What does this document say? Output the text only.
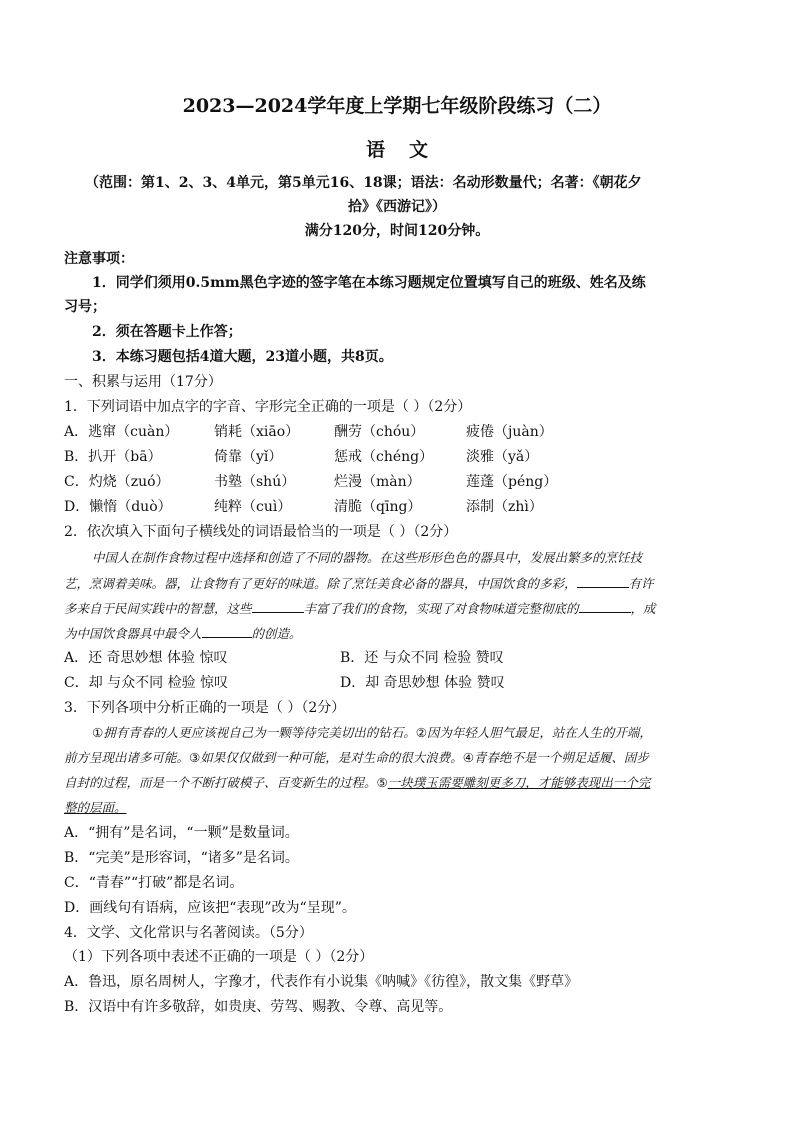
2023—2024学年度上学期七年级阶段练习（二）
语文
（范围：第1、2、3、4单元，第5单元16、18课；语法：名动形数量代；名著：《朝花夕
拾》《西游记》）
满分120分，时间120分钟。
注意事项：
1．同学们须用0.5mm黑色字迹的签字笔在本练习题规定位置填写自己的班级、姓名及练
习号；
2．须在答题卡上作答；
3．本练习题包括4道大题，23道小题，共8页。
一、积累与运用（17分）
1．下列词语中加点字的字音、字形完全正确的一项是（ ）（2分）
A．逃窜（cuàn）	销耗（xiāo） 酬劳（chóu）	疲倦（juàn）
B．扒开（bā）	倚靠（yǐ）	惩戒（chéng） 淡雅（yǎ）
C．灼烧（zuó）	书塾（shú）	烂漫（màn）	莲蓬（péng）
D．懒惰（duò）	纯粹（cuì）	清脆（qīng）	添制（zhì）
2．依次填入下面句子横线处的词语最恰当的一项是（ ）（2分）
中国人在制作食物过程中选择和创造了不同的器物。在这些形形色色的器具中，发展出繁多的烹饪技
艺，烹调着美味。器，让食物有了更好的味道。除了烹饪美食必备的器具，中国饮食的多彩，	有许
多来自于民间实践中的智慧，这些	丰富了我们的食物，实现了对食物味道完整彻底的	，成
为中国饮食器具中最令人	的创造。
A．还 奇思妙想 体验 惊叹	B．还 与众不同 检验 赞叹
C．却 与众不同 检验 惊叹	D．却 奇思妙想 体验 赞叹
3．下列各项中分析正确的一项是（ ）（2分）
①拥有青春的人更应该视自己为一颗等待完美切出的钻石。②因为年轻人胆气最足，站在人生的开端，
前方呈现出诸多可能。③如果仅仅做到一种可能，是对生命的很大浪费。④青春绝不是一个朔足适履、固步
自封的过程，而是一个不断打破模子、百变新生的过程。⑤一块璞玉需要雕刻更多刀，才能够表现出一个完
整的层面。
A．“拥有”是名词，“一颗”是数量词。
B．“完美”是形容词，“诸多”是名词。
C．“青春”“打破”都是名词。
D．画线句有语病，应该把“表现”改为“呈现”。
4．文学、文化常识与名著阅读。（5分）
（1）下列各项中表述不正确的一项是（ ）（2分）
A．鲁迅，原名周树人，字豫才，代表作有小说集《呐喊》《彷徨》，散文集《野草》
B．汉语中有许多敬辞，如贵庚、劳驾、赐教、令尊、高见等。
